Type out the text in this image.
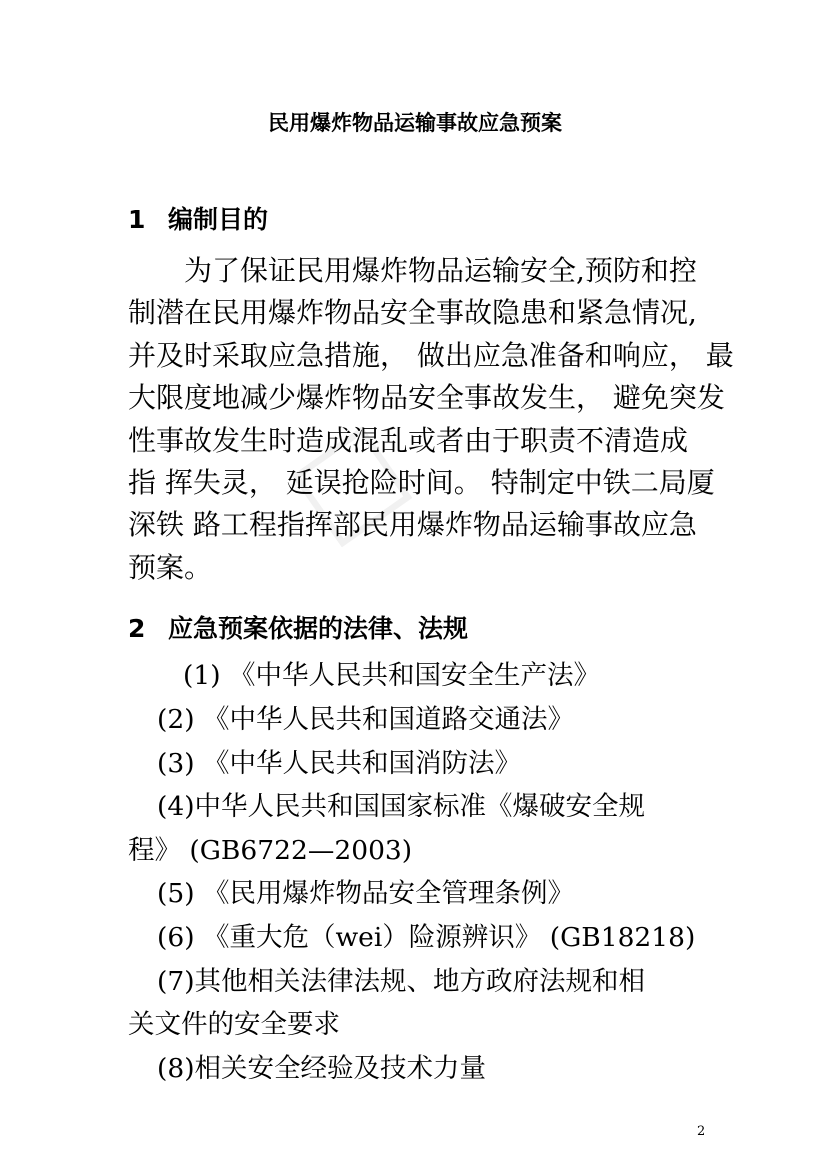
☐
民用爆炸物品运输事故应急预案
1 编制目的
为了保证民用爆炸物品运输安全,预防和控
制潜在民用爆炸物品安全事故隐患和紧急情况,
并及时采取应急措施， 做出应急准备和响应， 最
大限度地减少爆炸物品安全事故发生， 避免突发
性事故发生时造成混乱或者由于职责不清造成
指 挥失灵， 延误抢险时间。 特制定中铁二局厦
深铁 路工程指挥部民用爆炸物品运输事故应急
预案。
2 应急预案依据的法律、法规
(1) 《中华人民共和国安全生产法》
(2) 《中华人民共和国道路交通法》
(3) 《中华人民共和国消防法》
(4)中华人民共和国国家标准《爆破安全规
程》 (GB6722—2003)
(5) 《民用爆炸物品安全管理条例》
(6) 《重大危（wei）险源辨识》 (GB18218)
(7)其他相关法律法规、地方政府法规和相
关文件的安全要求
(8)相关安全经验及技术力量
2
